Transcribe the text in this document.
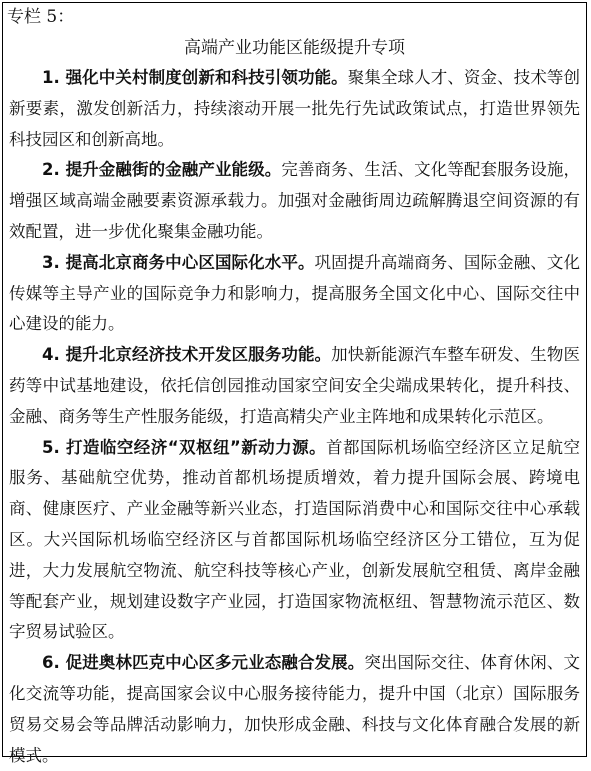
专栏 5：
高端产业功能区能级提升专项

1. 强化中关村制度创新和科技引领功能。聚集全球人才、资金、技术等创新要素，激发创新活力，持续滚动开展一批先行先试政策试点，打造世界领先科技园区和创新高地。

2. 提升金融街的金融产业能级。完善商务、生活、文化等配套服务设施，增强区域高端金融要素资源承载力。加强对金融街周边疏解腾退空间资源的有效配置，进一步优化聚集金融功能。

3. 提高北京商务中心区国际化水平。巩固提升高端商务、国际金融、文化传媒等主导产业的国际竞争力和影响力，提高服务全国文化中心、国际交往中心建设的能力。

4. 提升北京经济技术开发区服务功能。加快新能源汽车整车研发、生物医药等中试基地建设，依托信创园推动国家空间安全尖端成果转化，提升科技、金融、商务等生产性服务能级，打造高精尖产业主阵地和成果转化示范区。

5. 打造临空经济“双枢纽”新动力源。首都国际机场临空经济区立足航空服务、基础航空优势，推动首都机场提质增效，着力提升国际会展、跨境电商、健康医疗、产业金融等新兴业态，打造国际消费中心和国际交往中心承载区。大兴国际机场临空经济区与首都国际机场临空经济区分工错位，互为促进，大力发展航空物流、航空科技等核心产业，创新发展航空租赁、离岸金融等配套产业，规划建设数字产业园，打造国家物流枢纽、智慧物流示范区、数字贸易试验区。

6. 促进奥林匹克中心区多元业态融合发展。突出国际交往、体育休闲、文化交流等功能，提高国家会议中心服务接待能力，提升中国（北京）国际服务贸易交易会等品牌活动影响力，加快形成金融、科技与文化体育融合发展的新模式。
